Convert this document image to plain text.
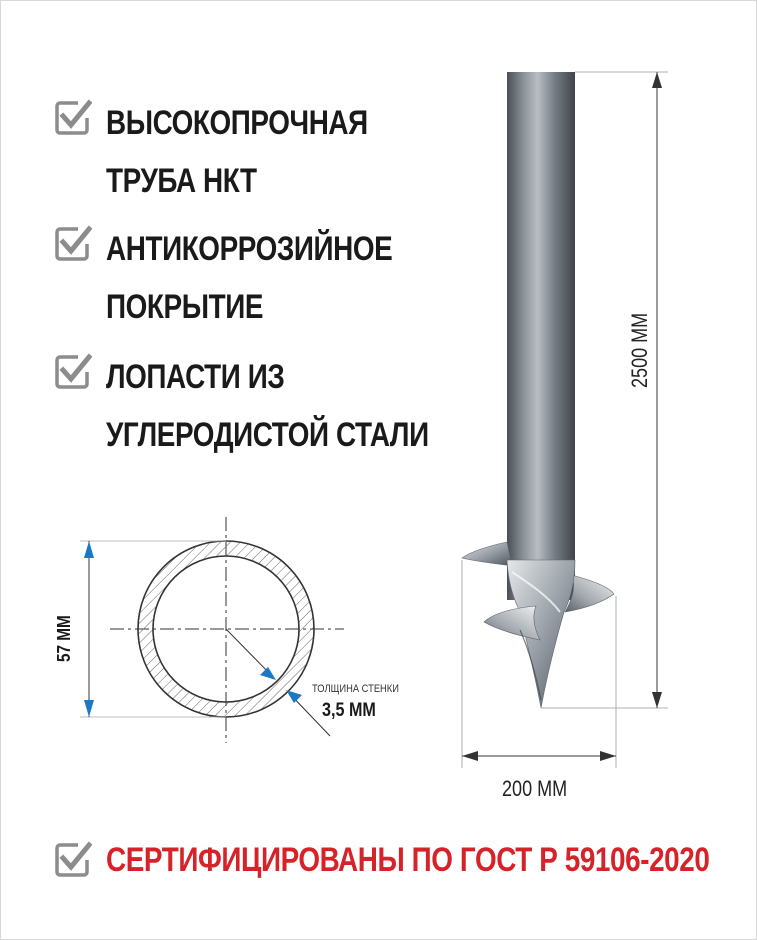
ВЫСОКОПРОЧНАЯ
ТРУБА НКТ
АНТИКОРРОЗИЙНОЕ
ПОКРЫТИЕ
ЛОПАСТИ ИЗ
УГЛЕРОДИСТОЙ СТАЛИ
57 ММ
ТОЛЩИНА СТЕНКИ
3,5 ММ
2500 ММ
200 ММ
СЕРТИФИЦИРОВАНЫ ПО ГОСТ Р 59106-2020
